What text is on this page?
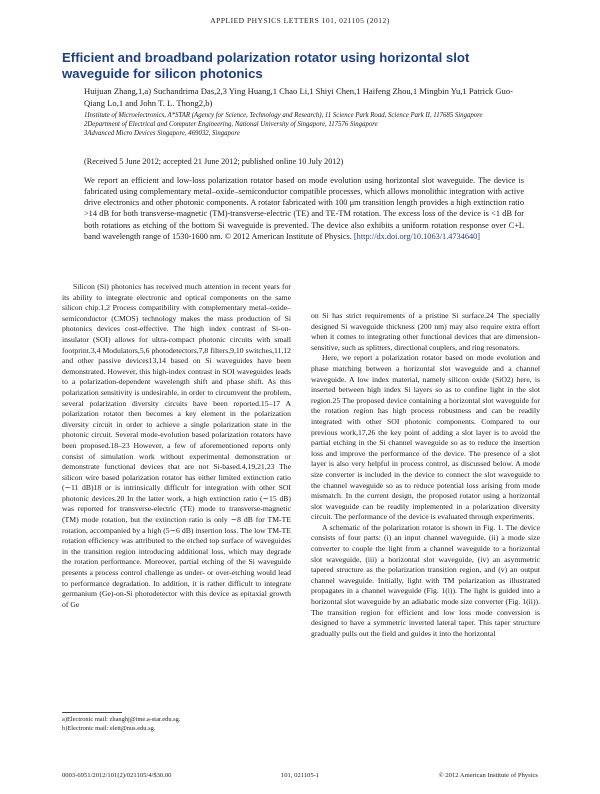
APPLIED PHYSICS LETTERS 101, 021105 (2012)
Efficient and broadband polarization rotator using horizontal slot waveguide for silicon photonics
Huijuan Zhang,1,a) Suchandrima Das,2,3 Ying Huang,1 Chao Li,1 Shiyi Chen,1 Haifeng Zhou,1 Mingbin Yu,1 Patrick Guo-Qiang Lo,1 and John T. L. Thong2,b)
1Institute of Microelectronics, A*STAR (Agency for Science, Technology and Research), 11 Science Park Road, Science Park II, 117685 Singapore
2Department of Electrical and Computer Engineering, National University of Singapore, 117576 Singapore
3Advanced Micro Devices Singapore, 469032, Singapore
(Received 5 June 2012; accepted 21 June 2012; published online 10 July 2012)
We report an efficient and low-loss polarization rotator based on mode evolution using horizontal slot waveguide. The device is fabricated using complementary metal–oxide–semiconductor compatible processes, which allows monolithic integration with active drive electronics and other photonic components. A rotator fabricated with 100 μm transition length provides a high extinction ratio >14 dB for both transverse-magnetic (TM)-transverse-electric (TE) and TE-TM rotation. The excess loss of the device is <1 dB for both rotations as etching of the bottom Si waveguide is prevented. The device also exhibits a uniform rotation response over C+L band wavelength range of 1530-1600 nm. © 2012 American Institute of Physics. [http://dx.doi.org/10.1063/1.4734640]

Silicon (Si) photonics has received much attention in recent years for its ability to integrate electronic and optical components on the same silicon chip.1,2 Process compatibility with complementary metal–oxide–semiconductor (CMOS) technology makes the mass production of Si photonics devices cost-effective. The high index contrast of Si-on-insulator (SOI) allows for ultra-compact photonic circuits with small footprint.3,4 Modulators,5,6 photodetectors,7,8 filters,9,10 switches,11,12 and other passive devices13,14 based on Si waveguides have been demonstrated. However, this high-index contrast in SOI waveguides leads to a polarization-dependent wavelength shift and phase shift. As this polarization sensitivity is undesirable, in order to circumvent the problem, several polarization diversity circuits have been reported.15–17 A polarization rotator then becomes a key element in the polarization diversity circuit in order to achieve a single polarization state in the photonic circuit. Several mode-evolution based polarization rotators have been proposed.18–23 However, a few of aforementioned reports only consist of simulation work without experimental demonstration or demonstrate functional devices that are not Si-based.4,19,21,23 The silicon wire based polarization rotator has either limited extinction ratio (∼11 dB)18 or is intrinsically difficult for integration with other SOI photonic devices.20 In the latter work, a high extinction ratio (∼15 dB) was reported for transverse-electric (TE) mode to transverse-magnetic (TM) mode rotation, but the extinction ratio is only ∼8 dB for TM-TE rotation, accompanied by a high (5∼6 dB) insertion loss. The low TM-TE rotation efficiency was attributed to the etched top surface of waveguides in the transition region introducing additional loss, which may degrade the rotation performance. Moreover, partial etching of the Si waveguide presents a process control challenge as under- or over-etching would lead to performance degradation. In addition, it is rather difficult to integrate germanium (Ge)-on-Si photodetector with this device as epitaxial growth of Ge

on Si has strict requirements of a pristine Si surface.24 The specially designed Si waveguide thickness (200 nm) may also require extra effort when it comes to integrating other functional devices that are dimension-sensitive, such as splitters, directional couplers, and ring resonators.

Here, we report a polarization rotator based on mode evolution and phase matching between a horizontal slot waveguide and a channel waveguide. A low index material, namely silicon oxide (SiO2) here, is inserted between high index Si layers so as to confine light in the slot region.25 The proposed device containing a horizontal slot waveguide for the rotation region has high process robustness and can be readily integrated with other SOI photonic components. Compared to our previous work,17,26 the key point of adding a slot layer is to avoid the partial etching in the Si channel waveguide so as to reduce the insertion loss and improve the performance of the device. The presence of a slot layer is also very helpful in process control, as discussed below. A mode size converter is included in the device to connect the slot waveguide to the channel waveguide so as to reduce potential loss arising from mode mismatch. In the current design, the proposed rotator using a horizontal slot waveguide can be readily implemented in a polarization diversity circuit. The performance of the device is evaluated through experiments.

A schematic of the polarization rotator is shown in Fig. 1. The device consists of four parts: (i) an input channel waveguide, (ii) a mode size converter to couple the light from a channel waveguide to a horizontal slot waveguide, (iii) a horizontal slot waveguide, (iv) an asymmetric tapered structure as the polarization transition region, and (v) an output channel waveguide. Initially, light with TM polarization as illustrated propagates in a channel waveguide (Fig. 1(i)). The light is guided into a horizontal slot waveguide by an adiabatic mode size converter (Fig. 1(ii)). The transition region for efficient and low loss mode conversion is designed to have a symmetric inverted lateral taper. This taper structure gradually pulls out the field and guides it into the horizontal

a)Electronic mail: zhanghj@ime.a-star.edu.sg.
b)Electronic mail: elett@nus.edu.sg.
0003-6951/2012/101(2)/021105/4/$30.00	101, 021105-1	© 2012 American Institute of Physics
